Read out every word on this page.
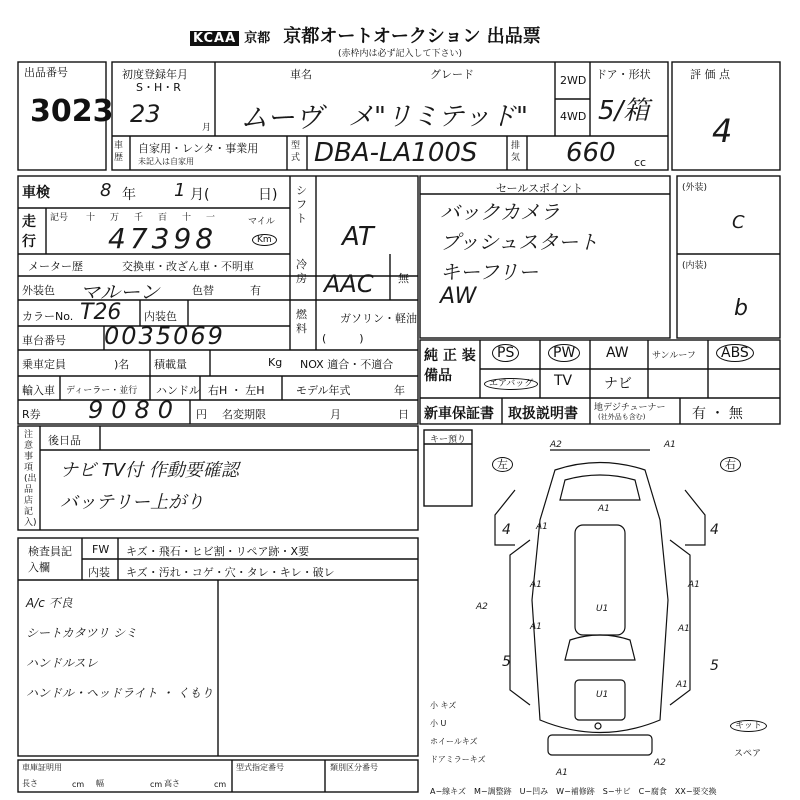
KCAA 京都 京都オートオークション 出品票
(赤枠内は必ず記入して下さい)
出品番号
3023
初度登録年月
S・H・R
23	月
車名
ムーヴ
グレード
メ"リミテッド"
2WD
4WD
ドア・形状
5/箱
評 価 点
4
車歴
自家用・レンタ・事業用
未記入は自家用
型式 DBA-LA100S	排気 660 cc
車検	8 年 1 月(	日)
走行
記号 十万千百十一
47398	マイル
Km
シフト
AT
メーター歴	交換車・改ざん車・不明車	冷房 AAC 無
外装色 マルーン	色替	有
カラーNo. T26 内装色	燃料
ガソリン・軽油
(　　　)
車台番号 0035069
乗車定員	)名 積載量	Kg NOX 適合・不適合
輸入車 ディーラー・並行 ハンドル 右H ・ 左H	モデル年式	年
R券 9080 円 名変期限	月	日
セールスポイント
バックカメラ
プッシュスタート
キーフリー
AW
(外装)
C
(内装)
b
純 正 装備品
PS	PW	AW	サンルーフ	ABS
エアバッグ	TV ナビ
新車保証書 取扱説明書 地デジチューナー
(社外品も含む)	有 ・ 無
注意事項(出品店記入)
後日品
ナビ TV付 作動要確認
バッテリー上がり
検査員記入欄
FW キズ・飛石・ヒビ割・リペア跡・X要
内装 キズ・汚れ・コゲ・穴・タレ・キレ・破レ
A/c 不良
シートカタツリ シミ
ハンドルスレ
ハンドル・ヘッドライト ・ くもり
キー預り
左	右
A2	A1
A1
U1
A1
A1
A1
A1
A2
U1
A1
A1
A1
A2
4	4
5	5
キット
スペア
小 キズ
小 U
ホイールキズ
ドアミラーキズ
車庫証明用
長さ	cm 幅	cm 高さ	cm
型式指定番号	類別区分番号
A−線キズ　M−調整跡　U−凹み　W−補修跡　S−サビ　C−腐食　XX−要交換
